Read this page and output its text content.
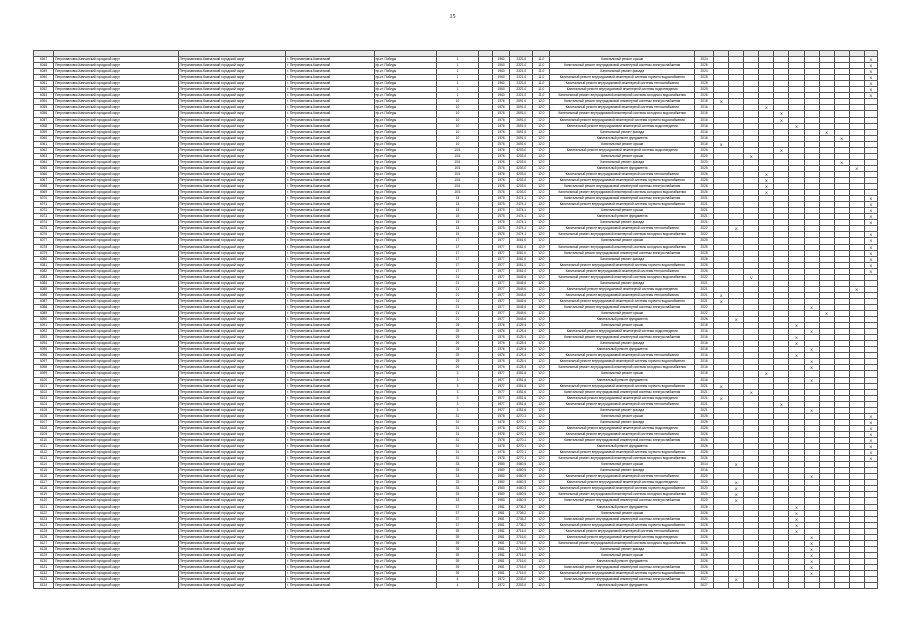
15

6547	Петропавловск-Камчатский городской округ	Петропавловск-Камчатский городской округ	г. Петропавловск-Камчатский	пр-кт. Победы	1		1960	2321,0	11,0	Капитальный ремонт крыши	2024											X
6048	Петропавловск-Камчатский городской округ	Петропавловск-Камчатский городской округ	г. Петропавловск-Камчатский	пр-кт. Победы	1		1960	2321,0	11,0	Капитальный ремонт внутридомовой инженерной системы электроснабжения	2026											X
6049	Петропавловск-Камчатский городской округ	Петропавловск-Камчатский городской округ	г. Петропавловск-Камчатский	пр-кт. Победы	1		1960	2321,0	11,0	Капитальный ремонт фасада	2024											X
6050	Петропавловск-Камчатский городской округ	Петропавловск-Камчатский городской округ	г. Петропавловск-Камчатский	пр-кт. Победы	1		1960	2321,0	11,0	Капитальный ремонт внутридомовой инженерной системы горячего водоснабжения	2025											X
6051	Петропавловск-Камчатский городской округ	Петропавловск-Камчатский городской округ	г. Петропавловск-Камчатский	пр-кт. Победы	1		1960	2321,0	11,0	Капитальный ремонт внутридомовой инженерной системы теплоснабжения	2025											X
6052	Петропавловск-Камчатский городской округ	Петропавловск-Камчатский городской округ	г. Петропавловск-Камчатский	пр-кт. Победы	1		1960	2321,0	11,0	Капитальный ремонт внутридомовой инженерной системы водоотведения	2025											X
6053	Петропавловск-Камчатский городской округ	Петропавловск-Камчатский городской округ	г. Петропавловск-Камчатский	пр-кт. Победы	1		1960	2321,0	11,0	Капитальный ремонт внутридомовой инженерной системы холодного водоснабжения	2026											X
6054	Петропавловск-Камчатский городской округ	Петропавловск-Камчатский городской округ	г. Петропавловск-Камчатский	пр-кт. Победы	10		1976	2691,0	12,0	Капитальный ремонт внутридомовой инженерной системы электроснабжения	2016	X										
6055	Петропавловск-Камчатский городской округ	Петропавловск-Камчатский городской округ	г. Петропавловск-Камчатский	пр-кт. Победы	10		1976	2691,0	12,0	Капитальный ремонт внутридомовой инженерной системы теплоснабжения	2016				X							
6056	Петропавловск-Камчатский городской округ	Петропавловск-Камчатский городской округ	г. Петропавловск-Камчатский	пр-кт. Победы	10		1976	2691,0	12,0	Капитальный ремонт внутридомовой инженерной системы холодного водоснабжения	2016					X						
6057	Петропавловск-Камчатский городской округ	Петропавловск-Камчатский городской округ	г. Петропавловск-Камчатский	пр-кт. Победы	10		1976	2691,0	12,0	Капитальный ремонт внутридомовой инженерной системы горячего водоснабжения	2016					X						
6058	Петропавловск-Камчатский городской округ	Петропавловск-Камчатский городской округ	г. Петропавловск-Камчатский	пр-кт. Победы	10		1976	2691,0	12,0	Капитальный ремонт внутридомовой инженерной системы водоотведения	2016						X					
6059	Петропавловск-Камчатский городской округ	Петропавловск-Камчатский городской округ	г. Петропавловск-Камчатский	пр-кт. Победы	10		1976	2691,0	12,0	Капитальный ремонт фасада	2016								X			
6060	Петропавловск-Камчатский городской округ	Петропавловск-Камчатский городской округ	г. Петропавловск-Камчатский	пр-кт. Победы	10		1976	2691,0	12,0	Капитальный ремонт фундамента	2016									X		
6061	Петропавловск-Камчатский городской округ	Петропавловск-Камчатский городской округ	г. Петропавловск-Камчатский	пр-кт. Победы	10		1976	2691,0	12,0	Капитальный ремонт крыши	2016	X										
6062	Петропавловск-Камчатский городской округ	Петропавловск-Камчатский городской округ	г. Петропавловск-Камчатский	пр-кт. Победы	10/1		1976	4203,0	12,0	Капитальный ремонт внутридомовой инженерной системы водоотведения	2026					X						
6063	Петропавловск-Камчатский городской округ	Петропавловск-Камчатский городской округ	г. Петропавловск-Камчатский	пр-кт. Победы	10/1		1976	4203,0	12,0	Капитальный ремонт крыши	2020			X								
6064	Петропавловск-Камчатский городской округ	Петропавловск-Камчатский городской округ	г. Петропавловск-Камчатский	пр-кт. Победы	10/1		1976	4203,0	12,0	Капитальный ремонт фасада	2020									X		
6065	Петропавловск-Камчатский городской округ	Петропавловск-Камчатский городской округ	г. Петропавловск-Камчатский	пр-кт. Победы	10/1		1976	4203,0	12,0	Капитальный ремонт фундамента	2025										X	
6066	Петропавловск-Камчатский городской округ	Петропавловск-Камчатский городской округ	г. Петропавловск-Камчатский	пр-кт. Победы	10/1		1976	4203,0	12,0	Капитальный ремонт внутридомовой инженерной системы теплоснабжения	2026				X							
6067	Петропавловск-Камчатский городской округ	Петропавловск-Камчатский городской округ	г. Петропавловск-Камчатский	пр-кт. Победы	10/1		1976	4203,0	12,0	Капитальный ремонт внутридомовой инженерной системы горячего водоснабжения	2026				X							
6068	Петропавловск-Камчатский городской округ	Петропавловск-Камчатский городской округ	г. Петропавловск-Камчатский	пр-кт. Победы	10/1		1976	4203,0	12,0	Капитальный ремонт внутридомовой инженерной системы электроснабжения	2026				X							
6069	Петропавловск-Камчатский городской округ	Петропавловск-Камчатский городской округ	г. Петропавловск-Камчатский	пр-кт. Победы	10/1		1976	4203,0	12,0	Капитальный ремонт внутридомовой инженерной системы холодного водоснабжения	2026				X							
6070	Петропавловск-Камчатский городской округ	Петропавловск-Камчатский городской округ	г. Петропавловск-Камчатский	пр-кт. Победы	15		1975	2474,1	12,0	Капитальный ремонт внутридомовой инженерной системы электроснабжения	2021											X
6071	Петропавловск-Камчатский городской округ	Петропавловск-Камчатский городской округ	г. Петропавловск-Камчатский	пр-кт. Победы	15		1975	2474,1	12,0	Капитальный ремонт внутридомовой инженерной системы горячего водоснабжения	2021											X
6072	Петропавловск-Камчатский городской округ	Петропавловск-Камчатский городской округ	г. Петропавловск-Камчатский	пр-кт. Победы	15		1975	2474,1	12,0	Капитальный ремонт крыши	2021											X
6073	Петропавловск-Камчатский городской округ	Петропавловск-Камчатский городской округ	г. Петропавловск-Камчатский	пр-кт. Победы	15		1975	2474,1	12,0	Капитальный ремонт фундамента	2021											X
6074	Петропавловск-Камчатский городской округ	Петропавловск-Камчатский городской округ	г. Петропавловск-Камчатский	пр-кт. Победы	15		1975	2474,1	12,0	Капитальный ремонт фасада	2021											X
6075	Петропавловск-Камчатский городской округ	Петропавловск-Камчатский городской округ	г. Петропавловск-Камчатский	пр-кт. Победы	15		1975	2474,1	12,0	Капитальный ремонт внутридомовой инженерной системы теплоснабжения	2022		X									
6076	Петропавловск-Камчатский городской округ	Петропавловск-Камчатский городской округ	г. Петропавловск-Камчатский	пр-кт. Победы	15		1975	2474,1	12,0	Капитальный ремонт внутридомовой инженерной системы холодного водоснабжения	2022											X
6077	Петропавловск-Камчатский городской округ	Петропавловск-Камчатский городской округ	г. Петропавловск-Камчатский	пр-кт. Победы	17		1977	3061,0	12,0	Капитальный ремонт крыши	2025											X
6078	Петропавловск-Камчатский городской округ	Петропавловск-Камчатский городской округ	г. Петропавловск-Камчатский	пр-кт. Победы	17		1977	3061,0	12,0	Капитальный ремонт внутридомовой инженерной системы холодного водоснабжения	2025											X
6079	Петропавловск-Камчатский городской округ	Петропавловск-Камчатский городской округ	г. Петропавловск-Камчатский	пр-кт. Победы	17		1977	3061,0	12,0	Капитальный ремонт внутридомовой инженерной системы электроснабжения	2025											X
6080	Петропавловск-Камчатский городской округ	Петропавловск-Камчатский городской округ	г. Петропавловск-Камчатский	пр-кт. Победы	17		1977	3061,0	12,0	Капитальный ремонт фасада	2026											X
6081	Петропавловск-Камчатский городской округ	Петропавловск-Камчатский городской округ	г. Петропавловск-Камчатский	пр-кт. Победы	17		1977	3061,0	12,0	Капитальный ремонт внутридомовой инженерной системы горячего водоснабжения	2026											X
6082	Петропавловск-Камчатский городской округ	Петропавловск-Камчатский городской округ	г. Петропавловск-Камчатский	пр-кт. Победы	17		1977	3061,0	12,0	Капитальный ремонт внутридомовой инженерной системы теплоснабжения	2026											X
6083	Петропавловск-Камчатский городской округ	Петропавловск-Камчатский городской округ	г. Петропавловск-Камчатский	пр-кт. Победы	21		1977	2645,6	12,0	Капитальный ремонт внутридомовой инженерной системы холодного водоснабжения	2022			V								
6084	Петропавловск-Камчатский городской округ	Петропавловск-Камчатский городской округ	г. Петропавловск-Камчатский	пр-кт. Победы	21		1977	2645,6	12,0	Капитальный ремонт фасада	2021											
6085	Петропавловск-Камчатский городской округ	Петропавловск-Камчатский городской округ	г. Петропавловск-Камчатский	пр-кт. Победы	21		1977	2645,6	12,0	Капитальный ремонт внутридомовой инженерной системы водоотведения	2021										X	
6086	Петропавловск-Камчатский городской округ	Петропавловск-Камчатский городской округ	г. Петропавловск-Камчатский	пр-кт. Победы	21		1977	2645,6	12,0	Капитальный ремонт внутридомовой инженерной системы теплоснабжения	2021	X										
6087	Петропавловск-Камчатский городской округ	Петропавловск-Камчатский городской округ	г. Петропавловск-Камчатский	пр-кт. Победы	21		1977	2645,6	12,0	Капитальный ремонт внутридомовой инженерной системы горячего водоснабжения	2021	X										
6088	Петропавловск-Камчатский городской округ	Петропавловск-Камчатский городской округ	г. Петропавловск-Камчатский	пр-кт. Победы	21		1977	2645,6	12,0	Капитальный ремонт внутридомовой инженерной системы электроснабжения	2022							X				
6089	Петропавловск-Камчатский городской округ	Петропавловск-Камчатский городской округ	г. Петропавловск-Камчатский	пр-кт. Победы	21		1977	2645,6	12,0	Капитальный ремонт крыши	2022								X			
6090	Петропавловск-Камчатский городской округ	Петропавловск-Камчатский городской округ	г. Петропавловск-Камчатский	пр-кт. Победы	21		1977	2645,6	12,0	Капитальный ремонт фундамента	2026		X									
6091	Петропавловск-Камчатский городской округ	Петропавловск-Камчатский городской округ	г. Петропавловск-Камчатский	пр-кт. Победы	29		1976	4125,4	12,0	Капитальный ремонт крыши	2016						X					
6092	Петропавловск-Камчатский городской округ	Петропавловск-Камчатский городской округ	г. Петропавловск-Камчатский	пр-кт. Победы	29		1976	4125,4	12,0	Капитальный ремонт внутридомовой инженерной системы водоотведения	2016							X				
6093	Петропавловск-Камчатский городской округ	Петропавловск-Камчатский городской округ	г. Петропавловск-Камчатский	пр-кт. Победы	29		1976	4125,4	12,0	Капитальный ремонт внутридомовой инженерной системы электроснабжения	2016						X					
6094	Петропавловск-Камчатский городской округ	Петропавловск-Камчатский городской округ	г. Петропавловск-Камчатский	пр-кт. Победы	29		1976	4125,4	12,0	Капитальный ремонт фасада	2016						X					
6095	Петропавловск-Камчатский городской округ	Петропавловск-Камчатский городской округ	г. Петропавловск-Камчатский	пр-кт. Победы	29		1976	4125,4	12,0	Капитальный ремонт фундамента	2016							X				
6096	Петропавловск-Камчатский городской округ	Петропавловск-Камчатский городской округ	г. Петропавловск-Камчатский	пр-кт. Победы	29		1976	4125,4	12,0	Капитальный ремонт внутридомовой инженерной системы теплоснабжения	2016						X					
6097	Петропавловск-Камчатский городской округ	Петропавловск-Камчатский городской округ	г. Петропавловск-Камчатский	пр-кт. Победы	29		1976	4125,4	12,0	Капитальный ремонт внутридомовой инженерной системы горячего водоснабжения	2016							X				
6098	Петропавловск-Камчатский городской округ	Петропавловск-Камчатский городской округ	г. Петропавловск-Камчатский	пр-кт. Победы	29		1976	4125,4	12,0	Капитальный ремонт внутридомовой инженерной системы холодного водоснабжения	2016							X				
6099	Петропавловск-Камчатский городской округ	Петропавловск-Камчатский городской округ	г. Петропавловск-Камчатский	пр-кт. Победы	3		1977	4351,6	12,0	Капитальный ремонт крыши	2016				X							
6100	Петропавловск-Камчатский городской округ	Петропавловск-Камчатский городской округ	г. Петропавловск-Камчатский	пр-кт. Победы	3		1977	4351,6	12,0	Капитальный ремонт фундамента	2016							X				
6101	Петропавловск-Камчатский городской округ	Петропавловск-Камчатский городской округ	г. Петропавловск-Камчатский	пр-кт. Победы	3		1977	4351,6	12,0	Капитальный ремонт внутридомовой инженерной системы горячего водоснабжения	2021	X										
6102	Петропавловск-Камчатский городской округ	Петропавловск-Камчатский городской округ	г. Петропавловск-Камчатский	пр-кт. Победы	3		1977	4351,6	12,0	Капитальный ремонт внутридомовой инженерной системы электроснабжения	2021			X								
6103	Петропавловск-Камчатский городской округ	Петропавловск-Камчатский городской округ	г. Петропавловск-Камчатский	пр-кт. Победы	3		1977	4351,6	12,0	Капитальный ремонт внутридомовой инженерной системы водоотведения	2021	X										
6104	Петропавловск-Камчатский городской округ	Петропавловск-Камчатский городской округ	г. Петропавловск-Камчатский	пр-кт. Победы	3		1977	4351,6	12,0	Капитальный ремонт внутридомовой инженерной системы теплоснабжения	2021					X						
6105	Петропавловск-Камчатский городской округ	Петропавловск-Камчатский городской округ	г. Петропавловск-Камчатский	пр-кт. Победы	3		1977	4351,6	12,0	Капитальный ремонт фасада	2021							X				
6106	Петропавловск-Камчатский городской округ	Петропавловск-Камчатский городской округ	г. Петропавловск-Камчатский	пр-кт. Победы	31		1978	4270,1	12,0	Капитальный ремонт крыши	2025											X
6107	Петропавловск-Камчатский городской округ	Петропавловск-Камчатский городской округ	г. Петропавловск-Камчатский	пр-кт. Победы	31		1978	4270,1	12,0	Капитальный ремонт фасада	2025											X
6108	Петропавловск-Камчатский городской округ	Петропавловск-Камчатский городской округ	г. Петропавловск-Камчатский	пр-кт. Победы	31		1978	4270,1	12,0	Капитальный ремонт внутридомовой инженерной системы водоотведения	2026											X
6109	Петропавловск-Камчатский городской округ	Петропавловск-Камчатский городской округ	г. Петропавловск-Камчатский	пр-кт. Победы	31		1978	4270,1	12,0	Капитальный ремонт внутридомовой инженерной системы теплоснабжения	2026											X
6110	Петропавловск-Камчатский городской округ	Петропавловск-Камчатский городской округ	г. Петропавловск-Камчатский	пр-кт. Победы	31		1978	4270,1	12,0	Капитальный ремонт внутридомовой инженерной системы электроснабжения	2026											X
6111	Петропавловск-Камчатский городской округ	Петропавловск-Камчатский городской округ	г. Петропавловск-Камчатский	пр-кт. Победы	31		1978	4270,1	12,0	Капитальный ремонт фундамента	2026											X
6112	Петропавловск-Камчатский городской округ	Петропавловск-Камчатский городской округ	г. Петропавловск-Камчатский	пр-кт. Победы	31		1978	4270,1	12,0	Капитальный ремонт внутридомовой инженерной системы горячего водоснабжения	2026											X
6113	Петропавловск-Камчатский городской округ	Петропавловск-Камчатский городской округ	г. Петропавловск-Камчатский	пр-кт. Победы	31		1978	4270,1	12,0	Капитальный ремонт внутридомовой инженерной системы холодного водоснабжения	2026											X
6114	Петропавловск-Камчатский городской округ	Петропавловск-Камчатский городской округ	г. Петропавловск-Камчатский	пр-кт. Победы	33		1980	4460,5	12,0	Капитальный ремонт крыши	2014		X									
6115	Петропавловск-Камчатский городской округ	Петропавловск-Камчатский городской округ	г. Петропавловск-Камчатский	пр-кт. Победы	33		1980	4460,5	12,0	Капитальный ремонт фасада	2016											
6116	Петропавловск-Камчатский городской округ	Петропавловск-Камчатский городской округ	г. Петропавловск-Камчатский	пр-кт. Победы	33		1980	4460,5	12,0	Капитальный ремонт внутридомовой инженерной системы теплоснабжения	2020							X				
6117	Петропавловск-Камчатский городской округ	Петропавловск-Камчатский городской округ	г. Петропавловск-Камчатский	пр-кт. Победы	33		1980	4460,5	12,0	Капитальный ремонт внутридомовой инженерной системы водоотведения	2020		X									
6118	Петропавловск-Камчатский городской округ	Петропавловск-Камчатский городской округ	г. Петропавловск-Камчатский	пр-кт. Победы	33		1980	4460,5	12,0	Капитальный ремонт внутридомовой инженерной системы горячего водоснабжения	2020		X									
6119	Петропавловск-Камчатский городской округ	Петропавловск-Камчатский городской округ	г. Петропавловск-Камчатский	пр-кт. Победы	33		1980	4460,5	12,0	Капитальный ремонт внутридомовой инженерной системы холодного водоснабжения	2020		X									
6120	Петропавловск-Камчатский городской округ	Петропавловск-Камчатский городской округ	г. Петропавловск-Камчатский	пр-кт. Победы	33		1980	4460,5	12,0	Капитальный ремонт внутридомовой инженерной системы электроснабжения	2020		X									
6121	Петропавловск-Камчатский городской округ	Петропавловск-Камчатский городской округ	г. Петропавловск-Камчатский	пр-кт. Победы	37		1981	2736,2	12,0	Капитальный ремонт фундамента	2026						X					
6122	Петропавловск-Камчатский городской округ	Петропавловск-Камчатский городской округ	г. Петропавловск-Камчатский	пр-кт. Победы	37		1981	2736,2	12,0	Капитальный ремонт крыши	2026						X					
6123	Петропавловск-Камчатский городской округ	Петропавловск-Камчатский городской округ	г. Петропавловск-Камчатский	пр-кт. Победы	37		1981	2736,2	12,0	Капитальный ремонт внутридомовой инженерной системы электроснабжения	2026						X					
6124	Петропавловск-Камчатский городской округ	Петропавловск-Камчатский городской округ	г. Петропавловск-Камчатский	пр-кт. Победы	37		1981	2736,2	12,0	Капитальный ремонт внутридомовой инженерной системы горячего водоснабжения	2026						X					
6125	Петропавловск-Камчатский городской округ	Петропавловск-Камчатский городской округ	г. Петропавловск-Камчатский	пр-кт. Победы	39		1981	2716,0	12,0	Капитальный ремонт внутридомовой инженерной системы теплоснабжения	2026						X					
6126	Петропавловск-Камчатский городской округ	Петропавловск-Камчатский городской округ	г. Петропавловск-Камчатский	пр-кт. Победы	39		1981	2716,0	12,0	Капитальный ремонт внутридомовой инженерной системы водоотведения	2026							X				
6127	Петропавловск-Камчатский городской округ	Петропавловск-Камчатский городской округ	г. Петропавловск-Камчатский	пр-кт. Победы	39		1981	2716,0	12,0	Капитальный ремонт внутридомовой инженерной системы холодного водоснабжения	2026							X				
6128	Петропавловск-Камчатский городской округ	Петропавловск-Камчатский городской округ	г. Петропавловск-Камчатский	пр-кт. Победы	39		1981	2716,0	12,0	Капитальный ремонт фасада	2026							X				
6129	Петропавловск-Камчатский городской округ	Петропавловск-Камчатский городской округ	г. Петропавловск-Камчатский	пр-кт. Победы	39		1981	2716,0	12,0	Капитальный ремонт крыши	2026							X				
6130	Петропавловск-Камчатский городской округ	Петропавловск-Камчатский городской округ	г. Петропавловск-Камчатский	пр-кт. Победы	39		1981	2716,0	12,0	Капитальный ремонт фундамента	2026							X				
6131	Петропавловск-Камчатский городской округ	Петропавловск-Камчатский городской округ	г. Петропавловск-Камчатский	пр-кт. Победы	39		1981	2716,0	12,0	Капитальный ремонт внутридомовой инженерной системы электроснабжения	2026							X				
6132	Петропавловск-Камчатский городской округ	Петропавловск-Камчатский городской округ	г. Петропавловск-Камчатский	пр-кт. Победы	39		1981	2716,0	12,0	Капитальный ремонт внутридомовой инженерной системы горячего водоснабжения	2026							X				
6133	Петропавловск-Камчатский городской округ	Петропавловск-Камчатский городской округ	г. Петропавловск-Камчатский	пр-кт. Победы	4		1972	2203,0	12,0	Капитальный ремонт внутридомовой инженерной системы электроснабжения	2027		X									
6134	Петропавловск-Камчатский городской округ	Петропавловск-Камчатский городской округ	г. Петропавловск-Камчатский	пр-кт. Победы	4		1972	2203,0	12,0	Капитальный ремонт фундамента	2027											
